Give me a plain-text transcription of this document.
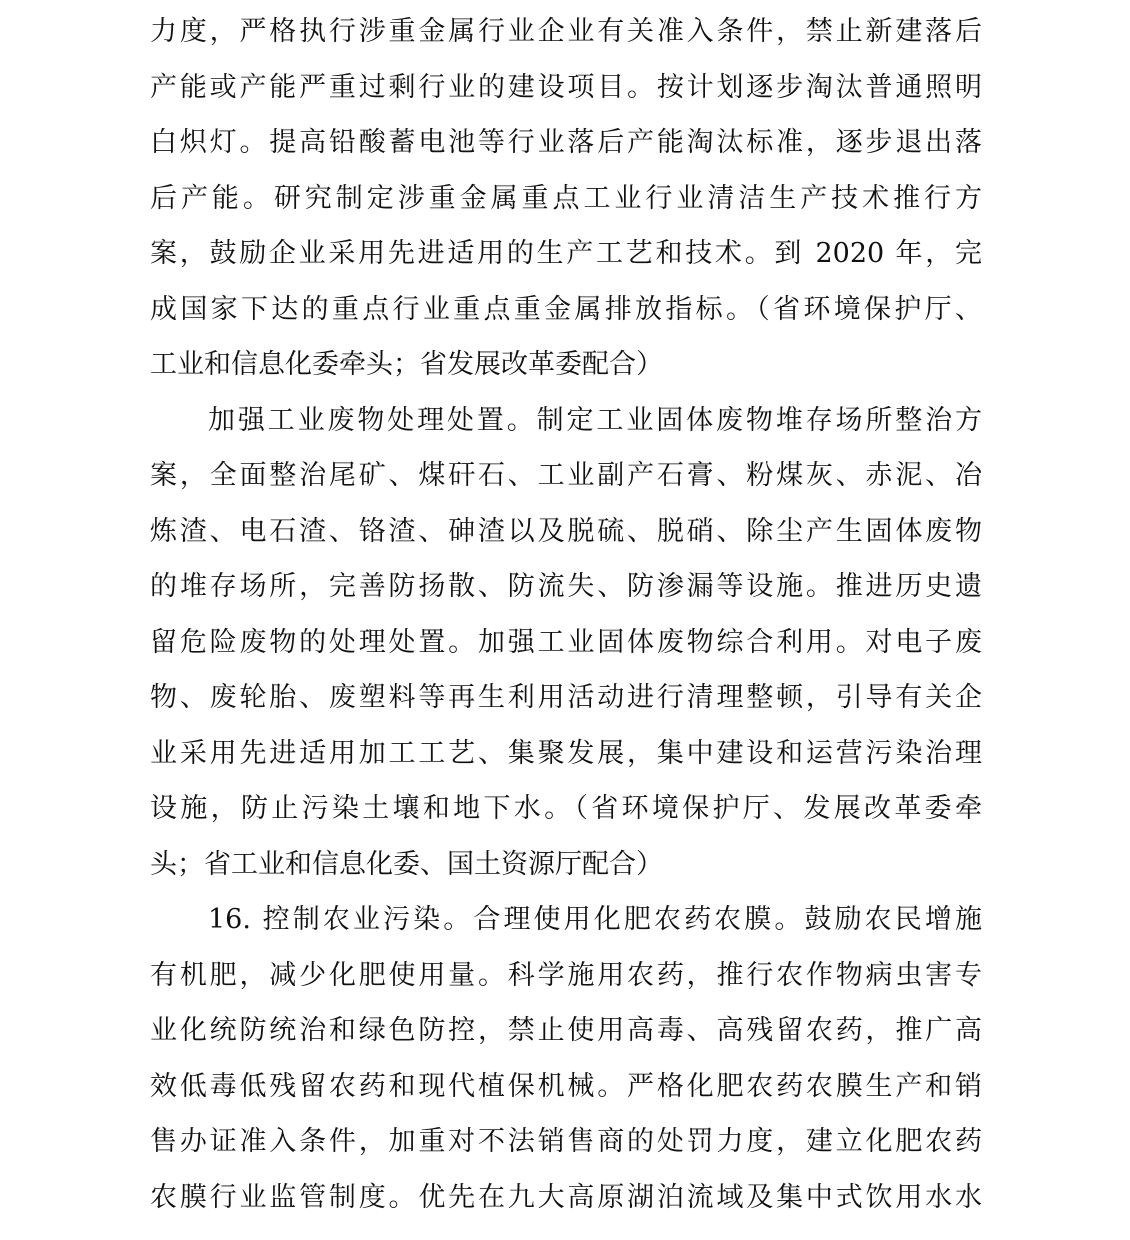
力度，严格执行涉重金属行业企业有关准入条件，禁止新建落后
产能或产能严重过剩行业的建设项目。按计划逐步淘汰普通照明
白炽灯。提高铅酸蓄电池等行业落后产能淘汰标准，逐步退出落
后产能。研究制定涉重金属重点工业行业清洁生产技术推行方
案，鼓励企业采用先进适用的生产工艺和技术。到 2020 年，完
成国家下达的重点行业重点重金属排放指标。（省环境保护厅、
工业和信息化委牵头；省发展改革委配合）
加强工业废物处理处置。制定工业固体废物堆存场所整治方
案，全面整治尾矿、煤矸石、工业副产石膏、粉煤灰、赤泥、冶
炼渣、电石渣、铬渣、砷渣以及脱硫、脱硝、除尘产生固体废物
的堆存场所，完善防扬散、防流失、防渗漏等设施。推进历史遗
留危险废物的处理处置。加强工业固体废物综合利用。对电子废
物、废轮胎、废塑料等再生利用活动进行清理整顿，引导有关企
业采用先进适用加工工艺、集聚发展，集中建设和运营污染治理
设施，防止污染土壤和地下水。（省环境保护厅、发展改革委牵
头；省工业和信息化委、国土资源厅配合）
16. 控制农业污染。合理使用化肥农药农膜。鼓励农民增施
有机肥，减少化肥使用量。科学施用农药，推行农作物病虫害专
业化统防统治和绿色防控，禁止使用高毒、高残留农药，推广高
效低毒低残留农药和现代植保机械。严格化肥农药农膜生产和销
售办证准入条件，加重对不法销售商的处罚力度，建立化肥农药
农膜行业监管制度。优先在九大高原湖泊流域及集中式饮用水水
